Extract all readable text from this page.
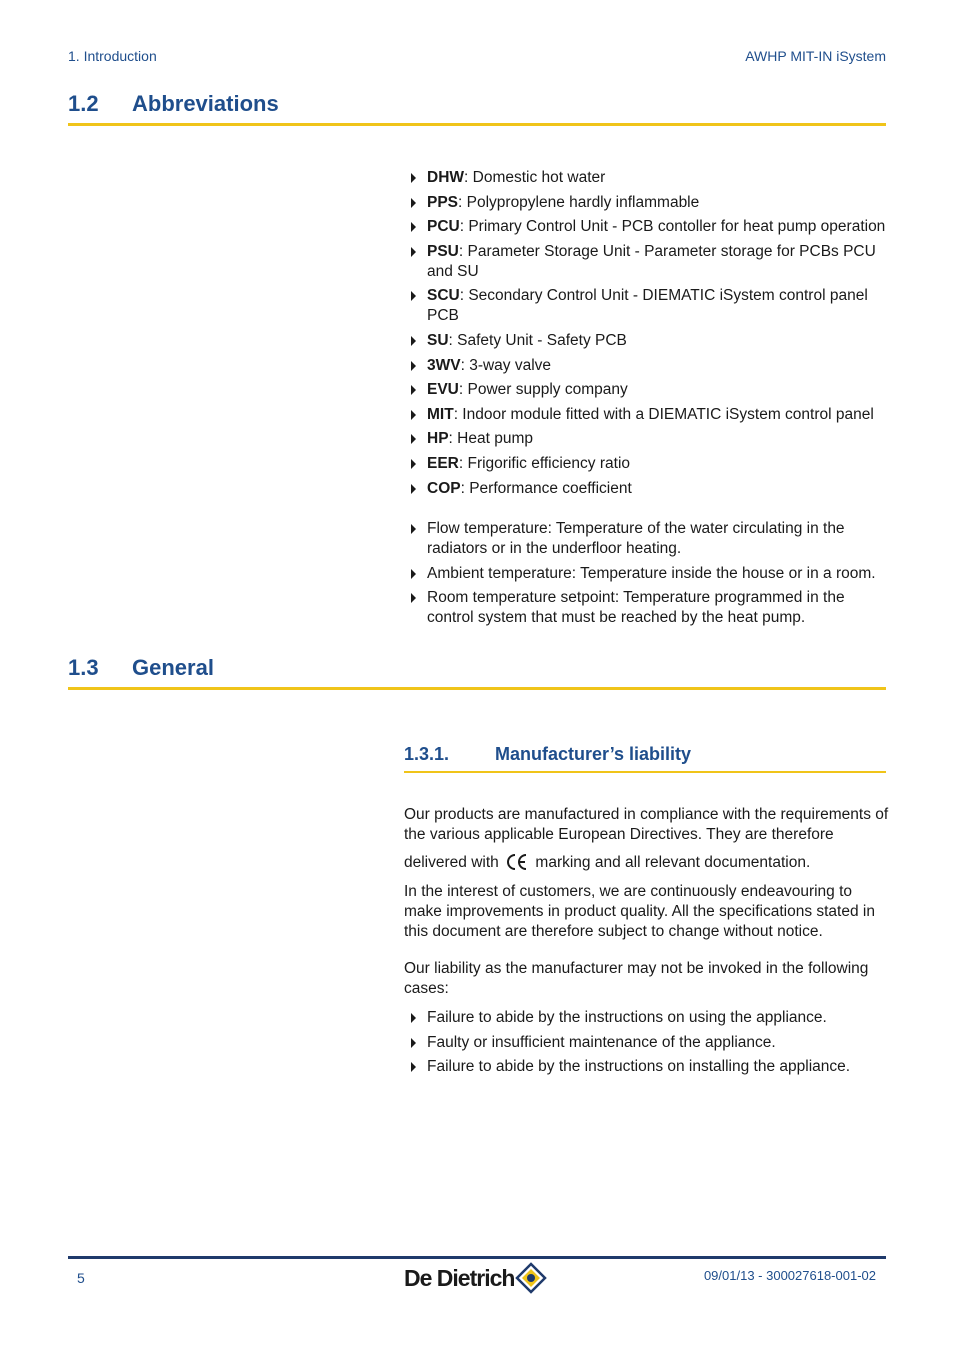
1. Introduction	AWHP MIT-IN iSystem
1.2 Abbreviations
DHW: Domestic hot water
PPS: Polypropylene hardly inflammable
PCU: Primary Control Unit - PCB contoller for heat pump operation
PSU: Parameter Storage Unit - Parameter storage for PCBs PCU and SU
SCU: Secondary Control Unit - DIEMATIC iSystem control panel PCB
SU: Safety Unit - Safety PCB
3WV: 3-way valve
EVU: Power supply company
MIT: Indoor module fitted with a DIEMATIC iSystem control panel
HP: Heat pump
EER: Frigorific efficiency ratio
COP: Performance coefficient
Flow temperature: Temperature of the water circulating in the radiators or in the underfloor heating.
Ambient temperature: Temperature inside the house or in a room.
Room temperature setpoint: Temperature programmed in the control system that must be reached by the heat pump.
1.3 General
1.3.1.	Manufacturer’s liability

Our products are manufactured in compliance with the requirements of the various applicable European Directives. They are therefore

delivered with marking and all relevant documentation.

In the interest of customers, we are continuously endeavouring to make improvements in product quality. All the specifications stated in this document are therefore subject to change without notice.

Our liability as the manufacturer may not be invoked in the following cases:

Failure to abide by the instructions on using the appliance.
Faulty or insufficient maintenance of the appliance.
Failure to abide by the instructions on installing the appliance.
5	De Dietrich	09/01/13 - 300027618-001-02
